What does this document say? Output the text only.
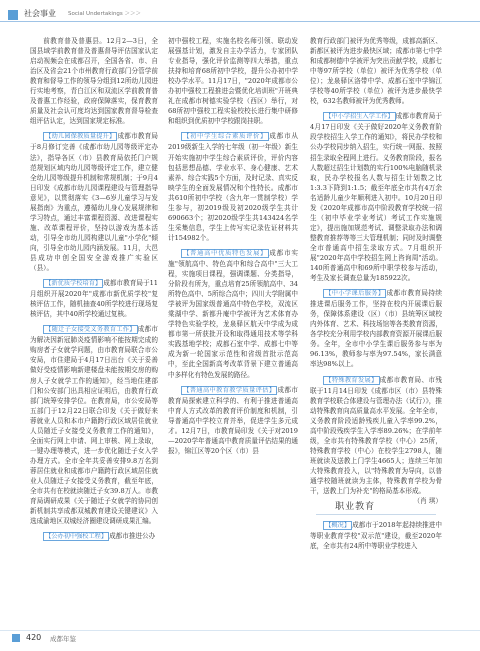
社会事业 Social Undertakings ＞＞＞

前教育普及普惠县。12月2—3日，全国县域学前教育普及普惠督导评估国家认定启动视频会在成都召开，全国各省、市、自治区及省会21个市州教育行政部门分管学前教育和督导工作的领导分组到12所幼儿园进行实地考察，青白江区和双流区学前教育普及普惠工作经验，政府保障落实，保育教育质量及社会认可度均达到国家教育督导检查组评估认定，达到国家规定标准。

【幼儿园保教质量提升】 成都市教育局于8月修订完善《成都市幼儿园等级评定办法》，指导各区（市）县教育局依托门户规范规划区域内幼儿园等级评定工作，建立健全幼儿园等级提升机制和常规机制；于9月4日印发《成都市幼儿园课程建设与管理指导意见》，以贯彻落实《3—6岁儿童学习与发展指南》为重点，遵循幼儿身心发展规律和学习特点，通过丰富课程资源、改进课程实施、改革课程评价，坚持以游戏为基本活动，引导全市幼儿园构建以儿童"小学化"倾向，引导全市幼儿园内涵发展。11月，大邑县成功申创全国安全游戏推广实验区（县）。

【新优质学校培育】 成都市教育局于11月组织开展2020年"成都市新优质学校"复核评估工作，随机抽查40所学校进行现场复核评估，其中40所学校通过复核。

【随迁子女接受义务教育工作】 成都市为解决因新冠肺炎疫情影响不能按期完成的购房者子女就学问题，由市教育局联合市公安局，市住建局于4月17日出台《关于妥善做好受疫情影响新建楼盘未能按期交房的购房人子女就学工作的通知》，经当地住建部门和公安部门出具相应证明后，由教育行政部门统筹安排学位。在教育局，市公安局等五部门于12月22日联合印发《关于做好来蓉就业人员和本市户籍跨行政区域居住就业人员随迁子女接受义务教育工作的通知》，全面实行网上申请、网上审核、网上录取，一键办理等模式，进一步优化随迁子女入学办理方式。全市全年共妥善安排9.8万名到蓉居住就业和成都市户籍跨行政区域居住就业人员随迁子女接受义务教育，截至年底，全市共有在校就读随迁子女39.8万人。市教育局调研成果《关于随迁子女就学的协同创新机制共享成都双城教育建设关键建议》入选成渝地区双城经济圈建设调研成果汇编。

【公办初中强校工程】 成都市推进公办

初中强校工程，实施名校名师引领、联动发展强基计划，激发自主办学活力，专家团队专业指导，强化评价监测等四大举措，重点扶持和培育68所初中学校，提升公办初中学校办学水平。11月17日，"2020年成都市公办初中强校工程推进会暨优化培训班"开班典礼在成都市树德实验学校（西区）举行，对68所初中强校工程实验校校长进行集中研修和组织到优质初中学校跟岗挂职。

【初中学生综合素质评价】 成都市从2019级新生入学的七年级（初一年级）新生开始实施初中学生综合素质评价，评价内容包括思想品德、学业水平、身心健康、艺术素养、综合实践5个方面，及时记录、真实反映学生的全面发展情况和个性特长。成都市共610所初中学校（含九年一贯制学校）学生参与，初2019级及初2020级学生共计690663个；初2020级学生共143424名学生采集信息，学生上传写实记录佐证材料共计154982个。

【普通高中优质特色发展】 成都市实施"领航高中、特色高中和综合高中"三大工程，实施项目课程，强调课题、分类指导，分阶段有所为，重点培育25所领航高中、34所特色高中、5所综合高中；四川大学附属中学被评为国家级普通高中特色学校，双流区棠湖中学、新都升庵中学被评为艺术体育办学特色实验学校，龙泉驿区航天中学成为成都市第一所获批开设和取得通用技术等学科实践基地学校；成都石室中学、成都七中等成为新一轮国家示范性和省级首批示范高中，至此全国新高考改革背景下建立普通高中多样化有特色发展的路径。

【普通高中教育教学质量评估】 成都市教育局探索建立科学的、有利于推进普通高中育人方式改革的教育评价制度和机制，引导普通高中学校立育并举，促进学生多元成才。12月7日，市教育局印发《关于对2019—2020学年普通高中教育质量评估结果的通报》，锦江区等20个区（市）县

教育行政部门被评为优秀等级，成都高新区、新都区被评为进步最快区域；成都市第七中学和成都树德中学被评为突出贡献学校，成都七中等97所学校（单位）被评为优秀学校（单位）；龙泉驿区洛带中学、成都石室中学锦江学校等40所学校（单位）被评为进步最快学校，632名教师被评为优秀教师。

【中小学招生入学工作】 成都市教育局于4月17日印发《关于做好2020年义务教育阶段学校招生入学工作的通知》，将民办学校和公办学校同步纳入招生，实行统一网报、按照招生录取全程网上进行。义务教育阶段，报名人数超过招生计划数的实行100%电脑随机录取，民办学校报名人数与招生计划数之比1:3.3下降到1:1.5；截至年底全市共有4万余名适龄儿童少年顺利进入初中。10月20日印发《2020年成都市高中阶段教育学校统一招生（初中毕业学业考试）考试工作实施规定》，提出施加规范考试、调整录取办法和调整教育推荐等等三大管理机制；同时及时调整全市普通高中招生录取方式。7月组织开展"2020年高中学校招生网上咨询周"活动。140所普通高中和69所中职学校参与活动，考生及家长调查总量为185922次。

【中小学课后服务】 成都市教育局持续推进课后服务工作，坚持在校内开展课后服务，保障体系建设（区）（市）县统筹区域校内外体育、艺术、科技场馆等各类教育资源，各学校充分利用学校内部教育资源开展课后服务。全年，全市中小学生课后服务参与率为96.13%，教师参与率为97.54%，家长满意率达98%以上。

【特殊教育发展】 成都市教育局、市残联于11月14日印发《成都市区（市）县特殊教育学校联合体建设与管理办法（试行）》，推动特殊教育向高质量高水平发展。全年全市，义务教育阶段适龄残疾儿童入学率99.2%，高中阶段残疾学生入学率89.26%；在学前年级，全市共有特殊教育学校（中心）25所，特殊教育学校（中心）在校学生2798人，随班就读及送教上门学生4665人；连续三年加大特殊教育投入，以"特殊教育为导向，以普通学校随班就读为主体，特殊教育学校为骨干，送教上门为补充"的格局基本形成。
（肖 琪）

职业教育

【概况】 成都市于2018年起持续推进中等职业教育学校"双示范"建设，截至2020年底，全市共有24所中等职业学校进入

420 成都年鉴
